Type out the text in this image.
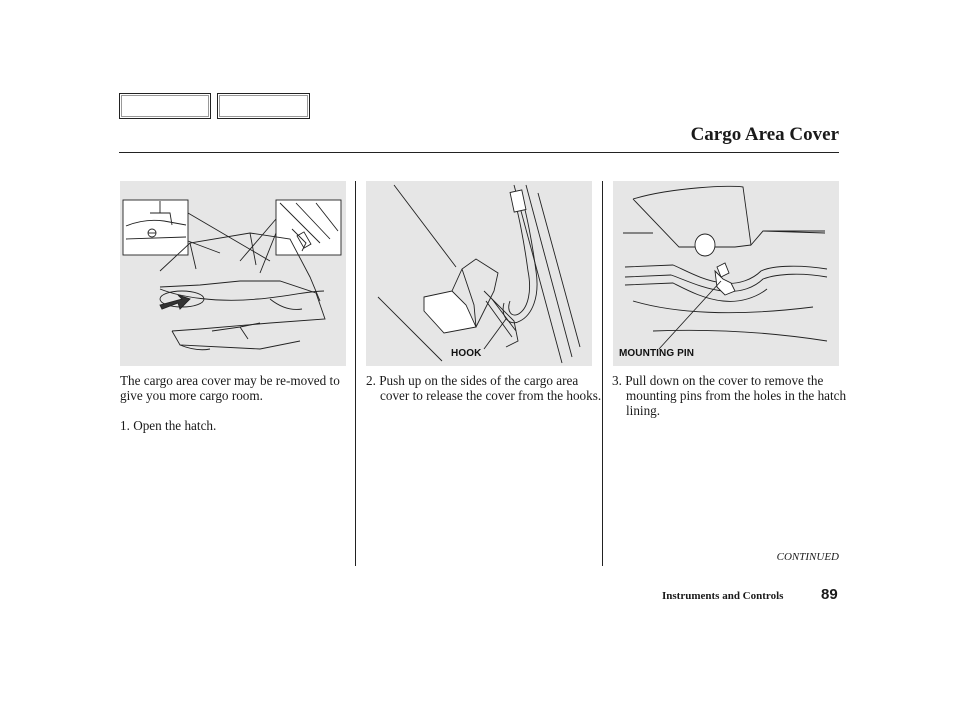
Cargo Area Cover
HOOK	MOUNTING PIN

The cargo area cover may be re-moved to give you more cargo room.

1. Open the hatch.

2. Push up on the sides of the cargo area cover to release the cover from the hooks.

3. Pull down on the cover to remove the mounting pins from the holes in the hatch lining.

CONTINUED
Instruments and Controls	89
